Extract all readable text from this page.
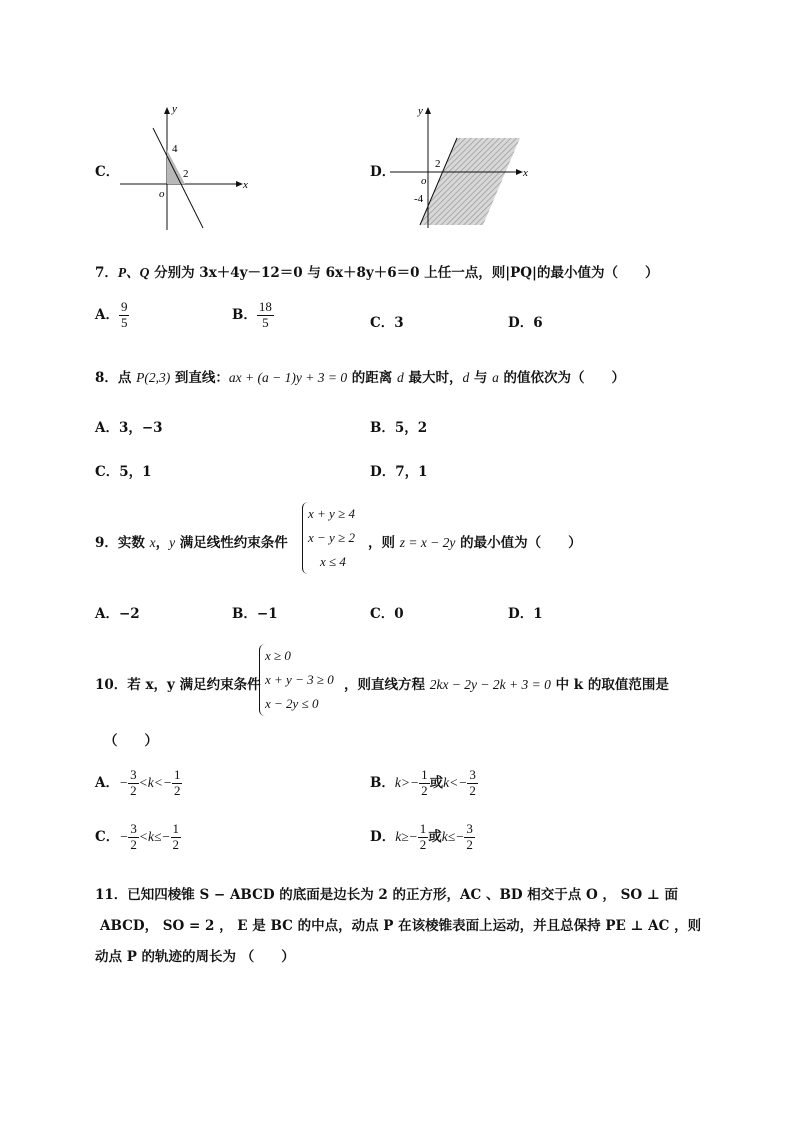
C．
4
2
o
x
y
D．	2
-4
o
x
y
7．P、Q 分别为 3x＋4y－12＝0 与 6x＋8y＋6＝0 上任一点，则|PQ|的最小值为（　　）
A． $\frac{9}{5}$	B． $\frac{18}{5}$	C．3	D．6
8．点 P(2,3) 到直线：ax + (a − 1)y + 3 = 0 的距离 d 最大时，d 与 a 的值依次为（　　）
A．3，−3	B．5，2
C．5，1	D．7，1
9．实数 x，y 满足线性约束条件
x + y ≥ 4
x − y ≥ 2
x ≤ 4
，则 z = x − 2y 的最小值为（　　）
A．−2	B．−1	C．0	D．1
10．若 x，y 满足约束条件
x ≥ 0
x + y − 3 ≥ 0
x − 2y ≤ 0
，则直线方程 2kx − 2y − 2k + 3 = 0 中 k 的取值范围是
（　　）
A．− $\frac{3}{2} <k<- \frac{1}{2}$	B．$k>- \frac{1}{2}$ 或$k<- \frac{3}{2}$
C．− $\frac{3}{2} <k\le- \frac{1}{2}$	D．$k\ge- \frac{1}{2}$ 或$k\le- \frac{3}{2}$
11．已知四棱锥 S − ABCD 的底面是边长为 2 的正方形，AC 、BD 相交于点 O ， SO ⊥ 面
ABCD， SO = 2 ， E 是 BC 的中点，动点 P 在该棱锥表面上运动，并且总保持 PE ⊥ AC ，则
动点 P 的轨迹的周长为 （　　）
